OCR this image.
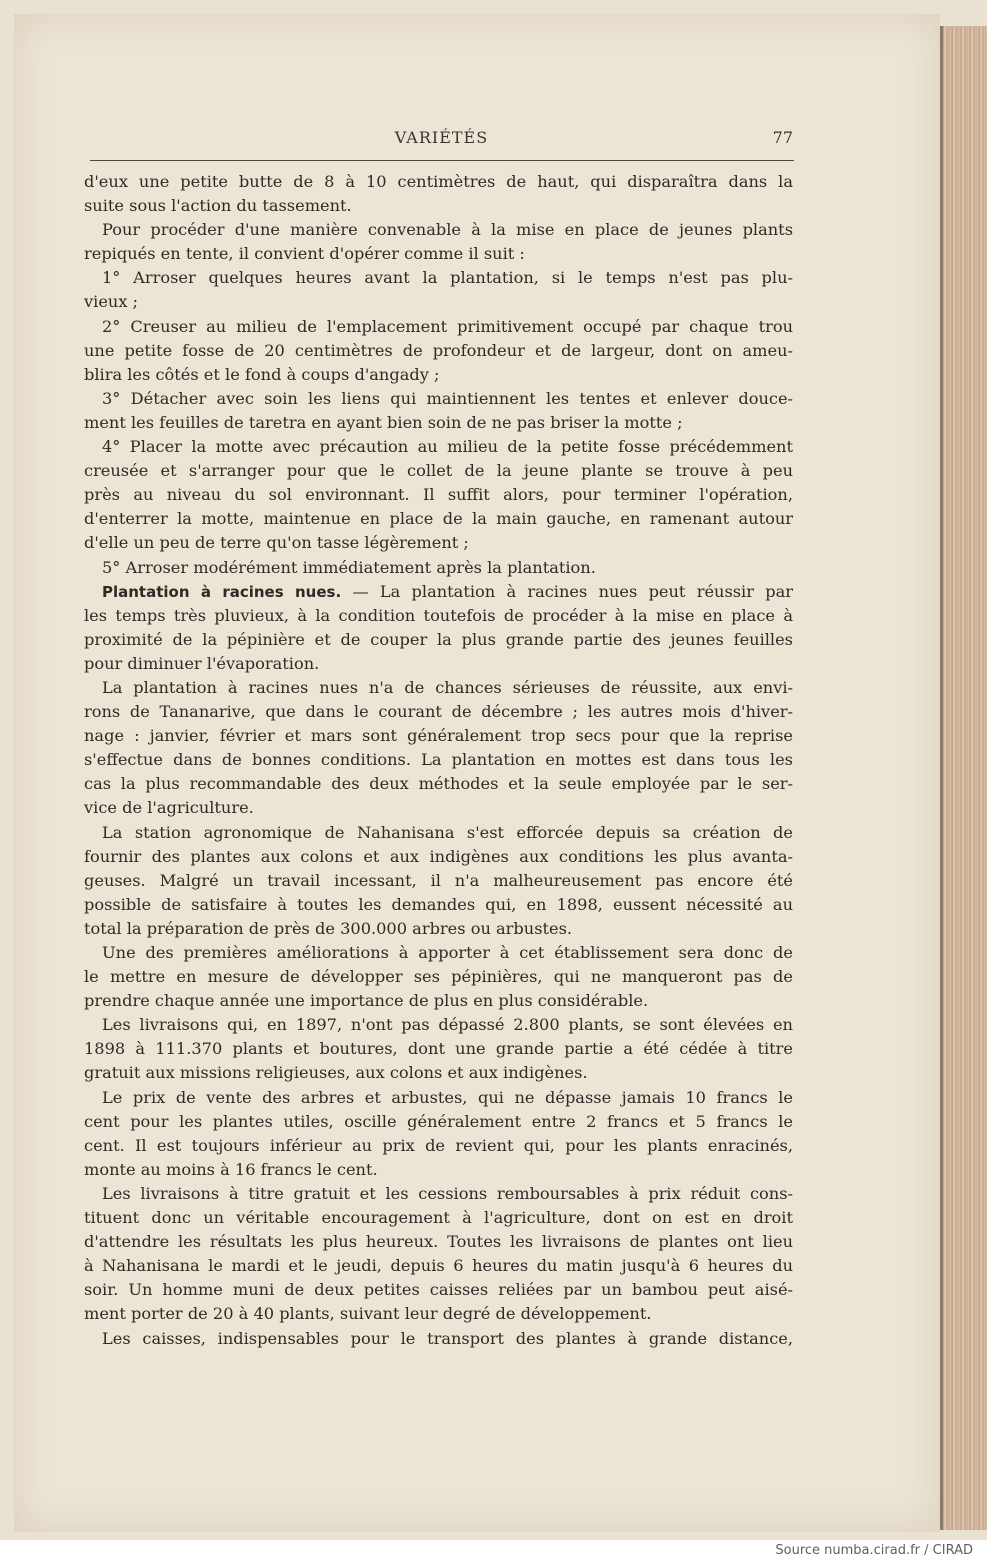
VARIÉTÉS	77
d'eux une petite butte de 8 à 10 centimètres de haut, qui disparaîtra dans la
suite sous l'action du tassement.
Pour procéder d'une manière convenable à la mise en place de jeunes plants
repiqués en tente, il convient d'opérer comme il suit :
1° Arroser quelques heures avant la plantation, si le temps n'est pas plu-
vieux ;
2° Creuser au milieu de l'emplacement primitivement occupé par chaque trou
une petite fosse de 20 centimètres de profondeur et de largeur, dont on ameu-
blira les côtés et le fond à coups d'angady ;
3° Détacher avec soin les liens qui maintiennent les tentes et enlever douce-
ment les feuilles de taretra en ayant bien soin de ne pas briser la motte ;
4° Placer la motte avec précaution au milieu de la petite fosse précédemment
creusée et s'arranger pour que le collet de la jeune plante se trouve à peu
près au niveau du sol environnant. Il suffit alors, pour terminer l'opération,
d'enterrer la motte, maintenue en place de la main gauche, en ramenant autour
d'elle un peu de terre qu'on tasse légèrement ;
5° Arroser modérément immédiatement après la plantation.
Plantation à racines nues. — La plantation à racines nues peut réussir par
les temps très pluvieux, à la condition toutefois de procéder à la mise en place à
proximité de la pépinière et de couper la plus grande partie des jeunes feuilles
pour diminuer l'évaporation.
La plantation à racines nues n'a de chances sérieuses de réussite, aux envi-
rons de Tananarive, que dans le courant de décembre ; les autres mois d'hiver-
nage : janvier, février et mars sont généralement trop secs pour que la reprise
s'effectue dans de bonnes conditions. La plantation en mottes est dans tous les
cas la plus recommandable des deux méthodes et la seule employée par le ser-
vice de l'agriculture.
La station agronomique de Nahanisana s'est efforcée depuis sa création de
fournir des plantes aux colons et aux indigènes aux conditions les plus avanta-
geuses. Malgré un travail incessant, il n'a malheureusement pas encore été
possible de satisfaire à toutes les demandes qui, en 1898, eussent nécessité au
total la préparation de près de 300.000 arbres ou arbustes.
Une des premières améliorations à apporter à cet établissement sera donc de
le mettre en mesure de développer ses pépinières, qui ne manqueront pas de
prendre chaque année une importance de plus en plus considérable.
Les livraisons qui, en 1897, n'ont pas dépassé 2.800 plants, se sont élevées en
1898 à 111.370 plants et boutures, dont une grande partie a été cédée à titre
gratuit aux missions religieuses, aux colons et aux indigènes.
Le prix de vente des arbres et arbustes, qui ne dépasse jamais 10 francs le
cent pour les plantes utiles, oscille généralement entre 2 francs et 5 francs le
cent. Il est toujours inférieur au prix de revient qui, pour les plants enracinés,
monte au moins à 16 francs le cent.
Les livraisons à titre gratuit et les cessions remboursables à prix réduit cons-
tituent donc un véritable encouragement à l'agriculture, dont on est en droit
d'attendre les résultats les plus heureux. Toutes les livraisons de plantes ont lieu
à Nahanisana le mardi et le jeudi, depuis 6 heures du matin jusqu'à 6 heures du
soir. Un homme muni de deux petites caisses reliées par un bambou peut aisé-
ment porter de 20 à 40 plants, suivant leur degré de développement.
Les caisses, indispensables pour le transport des plantes à grande distance,
Source numba.cirad.fr / CIRAD
